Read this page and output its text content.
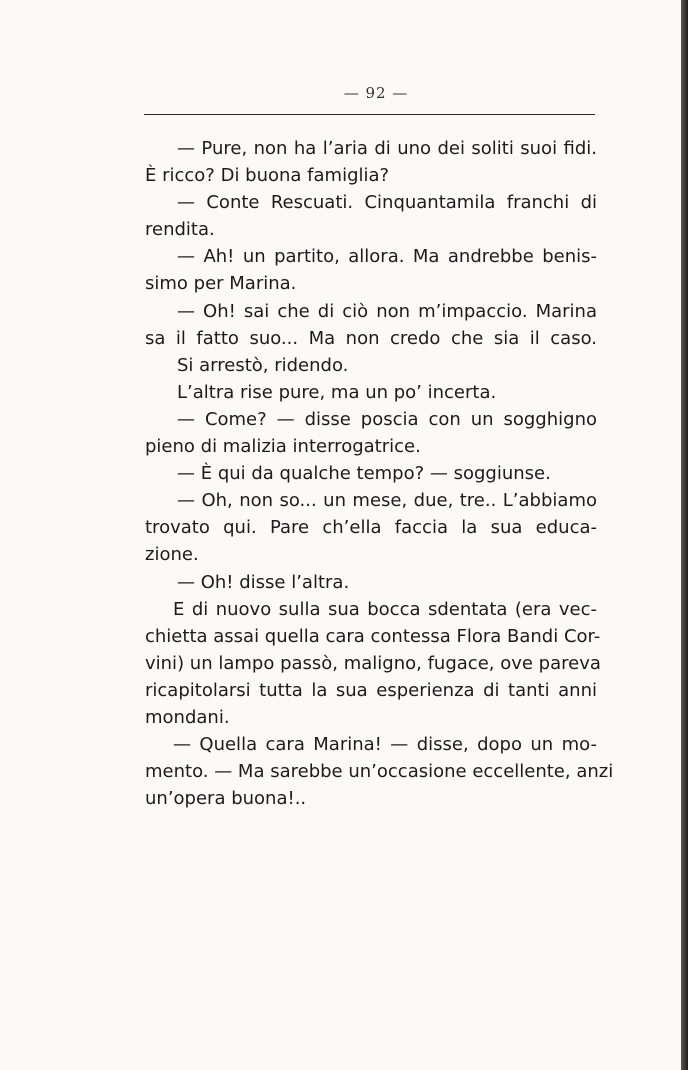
— 92 —
— Pure, non ha l’aria di uno dei soliti suoi fidi.
È ricco? Di buona famiglia?
— Conte Rescuati. Cinquantamila franchi di
rendita.
— Ah! un partito, allora. Ma andrebbe benis-
simo per Marina.
— Oh! sai che di ciò non m’impaccio. Marina
sa il fatto suo... Ma non credo che sia il caso.
Si arrestò, ridendo.
L’altra rise pure, ma un po’ incerta.
— Come? — disse poscia con un sogghigno
pieno di malizia interrogatrice.
— È qui da qualche tempo? — soggiunse.
— Oh, non so... un mese, due, tre.. L’abbiamo
trovato qui. Pare ch’ella faccia la sua educa-
zione.
— Oh! disse l’altra.
E di nuovo sulla sua bocca sdentata (era vec-
chietta assai quella cara contessa Flora Bandi Cor-
vini) un lampo passò, maligno, fugace, ove pareva
ricapitolarsi tutta la sua esperienza di tanti anni
mondani.
— Quella cara Marina! — disse, dopo un mo-
mento. — Ma sarebbe un’occasione eccellente, anzi
un’opera buona!..
